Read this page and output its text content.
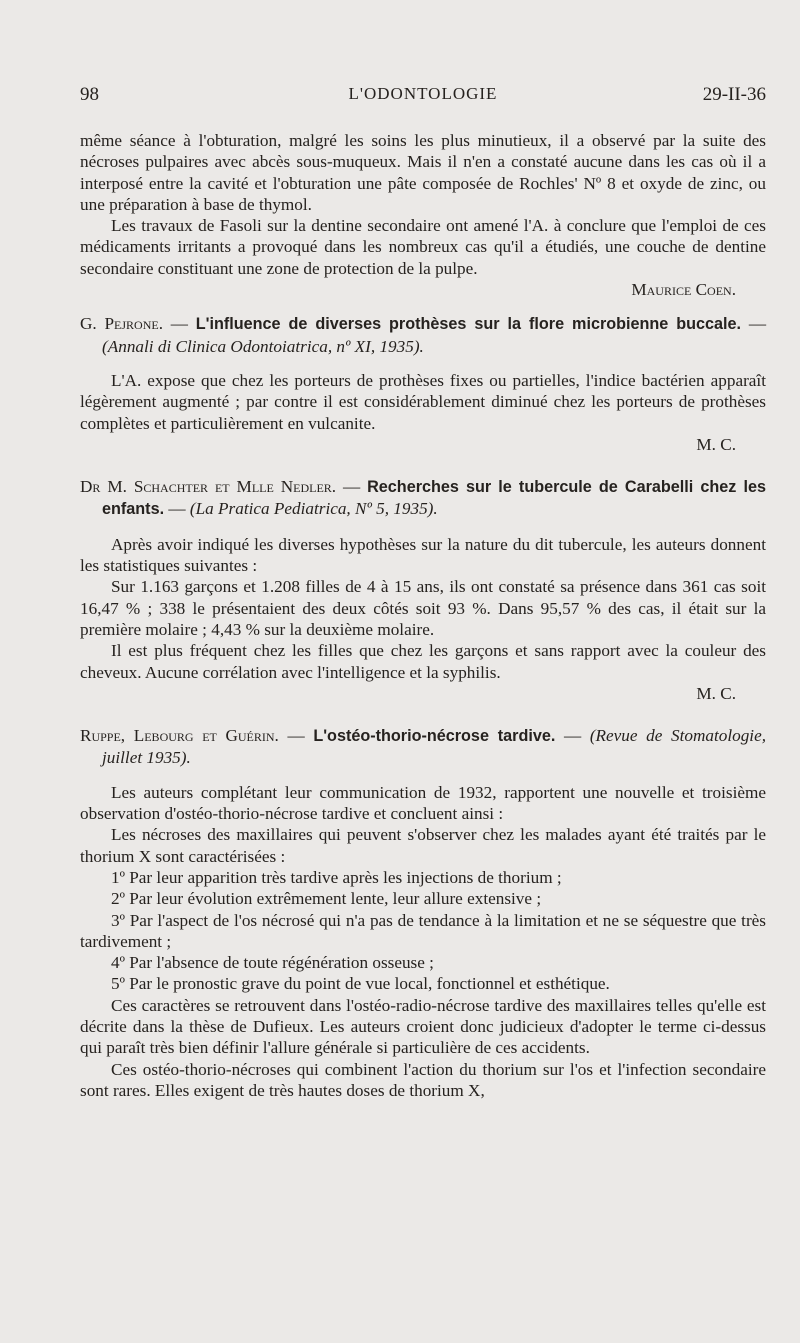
98	L'ODONTOLOGIE	29-II-36

même séance à l'obturation, malgré les soins les plus minutieux, il a observé par la suite des nécroses pulpaires avec abcès sous-muqueux. Mais il n'en a constaté aucune dans les cas où il a interposé entre la cavité et l'obturation une pâte composée de Rochles' Nº 8 et oxyde de zinc, ou une préparation à base de thymol.

Les travaux de Fasoli sur la dentine secondaire ont amené l'A. à conclure que l'emploi de ces médicaments irritants a provoqué dans les nombreux cas qu'il a étudiés, une couche de dentine secondaire constituant une zone de protection de la pulpe.

Maurice Coen.

G. Pejrone. — L'influence de diverses prothèses sur la flore microbienne buccale. — (Annali di Clinica Odontoiatrica, nº XI, 1935).

L'A. expose que chez les porteurs de prothèses fixes ou partielles, l'indice bactérien apparaît légèrement augmenté ; par contre il est considérablement diminué chez les porteurs de prothèses complètes et particulièrement en vulcanite.

M. C.

Dr M. Schachter et Mlle Nedler. — Recherches sur le tubercule de Carabelli chez les enfants. — (La Pratica Pediatrica, Nº 5, 1935).

Après avoir indiqué les diverses hypothèses sur la nature du dit tubercule, les auteurs donnent les statistiques suivantes :

Sur 1.163 garçons et 1.208 filles de 4 à 15 ans, ils ont constaté sa présence dans 361 cas soit 16,47 % ; 338 le présentaient des deux côtés soit 93 %. Dans 95,57 % des cas, il était sur la première molaire ; 4,43 % sur la deuxième molaire.

Il est plus fréquent chez les filles que chez les garçons et sans rapport avec la couleur des cheveux. Aucune corrélation avec l'intelligence et la syphilis.

M. C.

Ruppe, Lebourg et Guérin. — L'ostéo-thorio-nécrose tardive. — (Revue de Stomatologie, juillet 1935).

Les auteurs complétant leur communication de 1932, rapportent une nouvelle et troisième observation d'ostéo-thorio-nécrose tardive et concluent ainsi :

Les nécroses des maxillaires qui peuvent s'observer chez les malades ayant été traités par le thorium X sont caractérisées :

1º Par leur apparition très tardive après les injections de thorium ;

2º Par leur évolution extrêmement lente, leur allure extensive ;

3º Par l'aspect de l'os nécrosé qui n'a pas de tendance à la limitation et ne se séquestre que très tardivement ;

4º Par l'absence de toute régénération osseuse ;

5º Par le pronostic grave du point de vue local, fonctionnel et esthétique.

Ces caractères se retrouvent dans l'ostéo-radio-nécrose tardive des maxillaires telles qu'elle est décrite dans la thèse de Dufieux. Les auteurs croient donc judicieux d'adopter le terme ci-dessus qui paraît très bien définir l'allure générale si particulière de ces accidents.

Ces ostéo-thorio-nécroses qui combinent l'action du thorium sur l'os et l'infection secondaire sont rares. Elles exigent de très hautes doses de thorium X,
